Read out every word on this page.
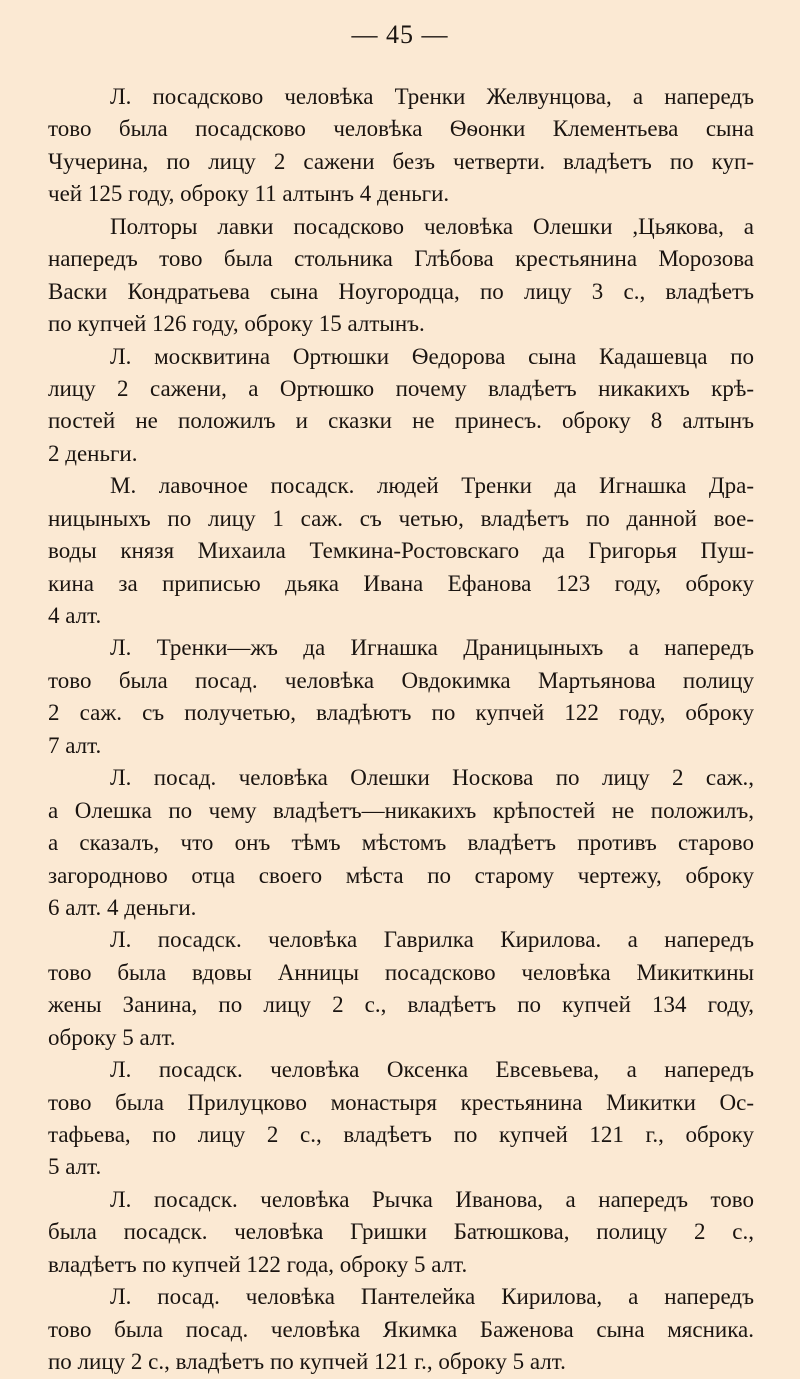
— 45 —
Л. посадсково человѣка Тренки Желвунцова, а напередъ
тово была посадсково человѣка Ѳѳонки Клементьева сына
Чучерина, по лицу 2 сажени безъ четверти. владѣетъ по куп-
чей 125 году, оброку 11 алтынъ 4 деньги.
Полторы лавки посадсково человѣка Олешки ,Цьякова, а
напередъ тово была стольника Глѣбова крестьянина Морозова
Васки Кондратьева сына Ноугородца, по лицу 3 с., владѣетъ
по купчей 126 году, оброку 15 алтынъ.
Л. москвитина Ортюшки Ѳедорова сына Кадашевца по
лицу 2 сажени, а Ортюшко почему владѣетъ никакихъ крѣ-
постей не положилъ и сказки не принесъ. оброку 8 алтынъ
2 деньги.
М. лавочное посадск. людей Тренки да Игнашка Дра-
ницыныхъ по лицу 1 саж. съ четью, владѣетъ по данной вое-
воды князя Михаила Темкина-Ростовскаго да Григорья Пуш-
кина за приписью дьяка Ивана Ефанова 123 году, оброку
4 алт.
Л. Тренки—жъ да Игнашка Драницыныхъ а напередъ
тово была посад. человѣка Овдокимка Мартьянова полицу
2 саж. съ получетью, владѣютъ по купчей 122 году, оброку
7 алт.
Л. посад. человѣка Олешки Носкова по лицу 2 саж.,
а Олешка по чему владѣетъ—никакихъ крѣпостей не положилъ,
а сказалъ, что онъ тѣмъ мѣстомъ владѣетъ противъ старово
загородново отца своего мѣста по старому чертежу, оброку
6 алт. 4 деньги.
Л. посадск. человѣка Гаврилка Кирилова. а напередъ
тово была вдовы Анницы посадсково человѣка Микиткины
жены Занина, по лицу 2 с., владѣетъ по купчей 134 году,
оброку 5 алт.
Л. посадск. человѣка Оксенка Евсевьева, а напередъ
тово была Прилуцково монастыря крестьянина Микитки Ос-
тафьева, по лицу 2 с., владѣетъ по купчей 121 г., оброку
5 алт.
Л. посадск. человѣка Рычка Иванова, а напередъ тово
была посадск. человѣка Гришки Батюшкова, полицу 2 с.,
владѣетъ по купчей 122 года, оброку 5 алт.
Л. посад. человѣка Пантелейка Кирилова, а напередъ
тово была посад. человѣка Якимка Баженова сына мясника.
по лицу 2 с., владѣетъ по купчей 121 г., оброку 5 алт.
